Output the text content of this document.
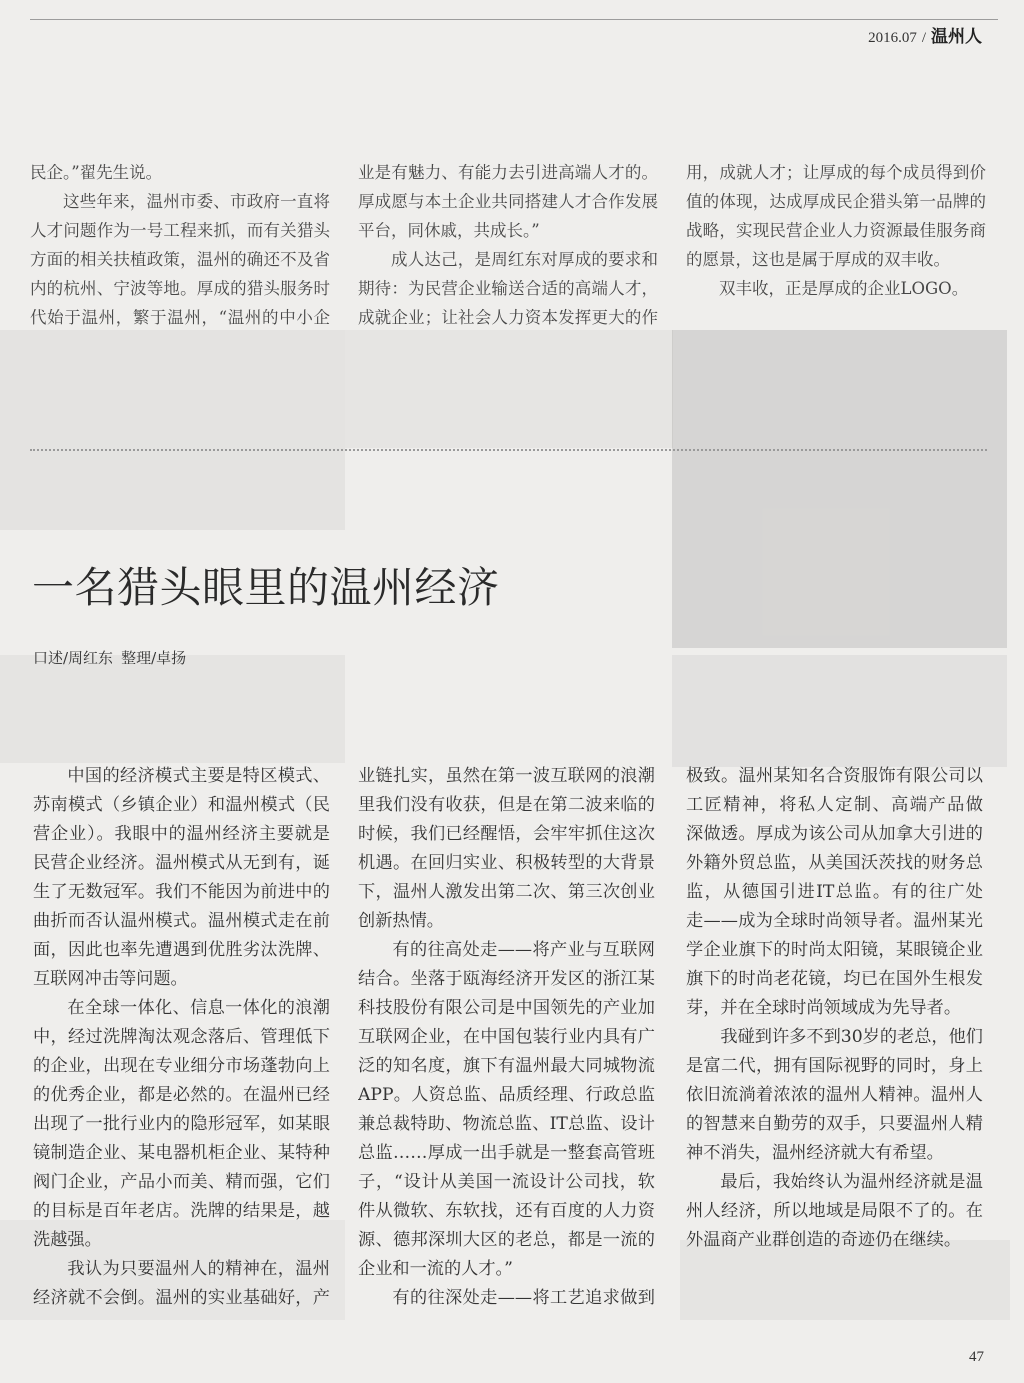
2016.07 / 温州人
民企。”翟先生说。
这些年来，温州市委、市政府一直将
人才问题作为一号工程来抓，而有关猎头
方面的相关扶植政策，温州的确还不及省
内的杭州、宁波等地。厚成的猎头服务时
代始于温州，繁于温州，“温州的中小企
业是有魅力、有能力去引进高端人才的。
厚成愿与本土企业共同搭建人才合作发展
平台，同休戚，共成长。”
成人达己，是周红东对厚成的要求和
期待：为民营企业输送合适的高端人才，
成就企业；让社会人力资本发挥更大的作
用，成就人才；让厚成的每个成员得到价
值的体现，达成厚成民企猎头第一品牌的
战略，实现民营企业人力资源最佳服务商
的愿景，这也是属于厚成的双丰收。
双丰收，正是厚成的企业LOGO。
一名猎头眼里的温州经济
口述/周红东 整理/卓扬
中国的经济模式主要是特区模式、
苏南模式（乡镇企业）和温州模式（民
营企业）。我眼中的温州经济主要就是
民营企业经济。温州模式从无到有，诞
生了无数冠军。我们不能因为前进中的
曲折而否认温州模式。温州模式走在前
面，因此也率先遭遇到优胜劣汰洗牌、
互联网冲击等问题。
在全球一体化、信息一体化的浪潮
中，经过洗牌淘汰观念落后、管理低下
的企业，出现在专业细分市场蓬勃向上
的优秀企业，都是必然的。在温州已经
出现了一批行业内的隐形冠军，如某眼
镜制造企业、某电器机柜企业、某特种
阀门企业，产品小而美、精而强，它们
的目标是百年老店。洗牌的结果是，越
洗越强。
我认为只要温州人的精神在，温州
经济就不会倒。温州的实业基础好，产
业链扎实，虽然在第一波互联网的浪潮
里我们没有收获，但是在第二波来临的
时候，我们已经醒悟，会牢牢抓住这次
机遇。在回归实业、积极转型的大背景
下，温州人激发出第二次、第三次创业
创新热情。
有的往高处走——将产业与互联网
结合。坐落于瓯海经济开发区的浙江某
科技股份有限公司是中国领先的产业加
互联网企业，在中国包装行业内具有广
泛的知名度，旗下有温州最大同城物流
APP。人资总监、品质经理、行政总监
兼总裁特助、物流总监、IT总监、设计
总监……厚成一出手就是一整套高管班
子，“设计从美国一流设计公司找，软
件从微软、东软找，还有百度的人力资
源、德邦深圳大区的老总，都是一流的
企业和一流的人才。”
有的往深处走——将工艺追求做到
极致。温州某知名合资服饰有限公司以
工匠精神，将私人定制、高端产品做
深做透。厚成为该公司从加拿大引进的
外籍外贸总监，从美国沃茨找的财务总
监，从德国引进IT总监。有的往广处
走——成为全球时尚领导者。温州某光
学企业旗下的时尚太阳镜，某眼镜企业
旗下的时尚老花镜，均已在国外生根发
芽，并在全球时尚领域成为先导者。
我碰到许多不到30岁的老总，他们
是富二代，拥有国际视野的同时，身上
依旧流淌着浓浓的温州人精神。温州人
的智慧来自勤劳的双手，只要温州人精
神不消失，温州经济就大有希望。
最后，我始终认为温州经济就是温
州人经济，所以地域是局限不了的。在
外温商产业群创造的奇迹仍在继续。
47
